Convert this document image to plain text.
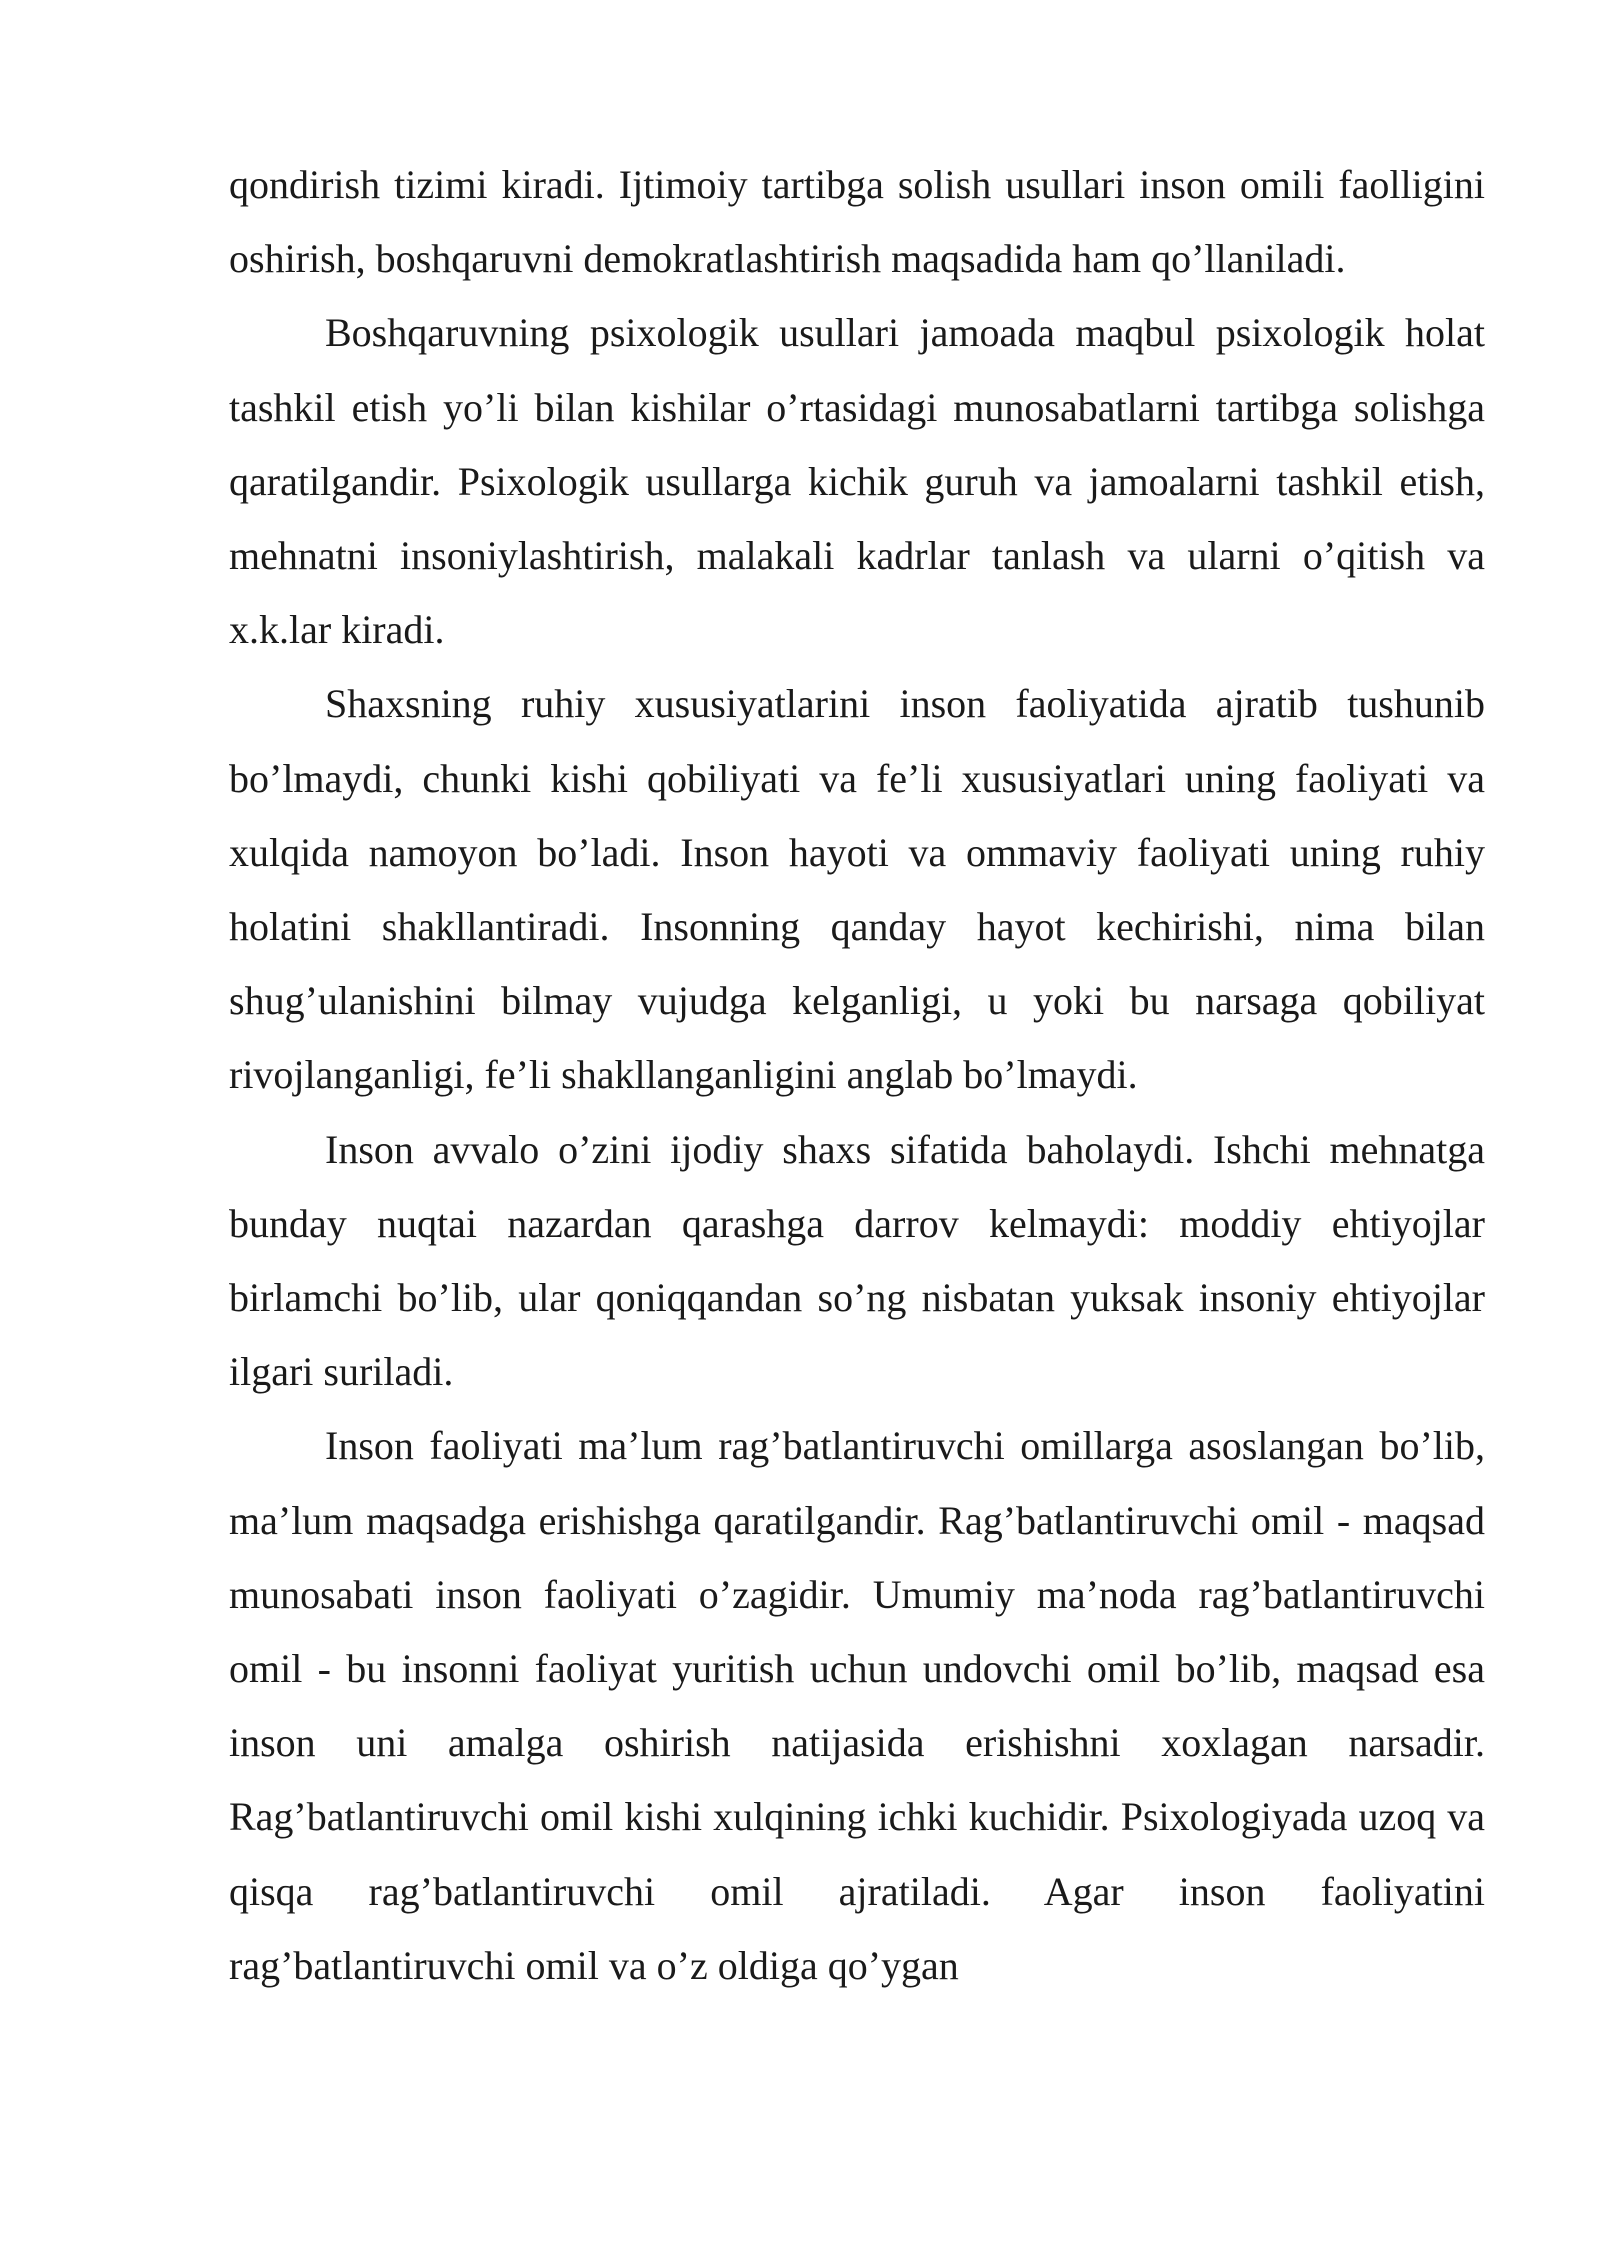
qondirish tizimi kiradi. Ijtimoiy tartibga solish usullari inson omili faolligini oshirish, boshqaruvni demokratlashtirish maqsadida ham qo’llaniladi.

Boshqaruvning psixologik usullari jamoada maqbul psixologik holat tashkil etish yo’li bilan kishilar o’rtasidagi munosabatlarni tartibga solishga qaratilgandir. Psixologik usullarga kichik guruh va jamoalarni tashkil etish, mehnatni insoniylashtirish, malakali kadrlar tanlash va ularni o’qitish va x.k.lar kiradi.

Shaxsning ruhiy xususiyatlarini inson faoliyatida ajratib tushunib bo’lmaydi, chunki kishi qobiliyati va fe’li xususiyatlari uning faoliyati va xulqida namoyon bo’ladi. Inson hayoti va ommaviy faoliyati uning ruhiy holatini shakllantiradi. Insonning qanday hayot kechirishi, nima bilan shug’ulanishini bilmay vujudga kelganligi, u yoki bu narsaga qobiliyat rivojlanganligi, fe’li shakllanganligini anglab bo’lmaydi.

Inson avvalo o’zini ijodiy shaxs sifatida baholaydi. Ishchi mehnatga bunday nuqtai nazardan qarashga darrov kelmaydi: moddiy ehtiyojlar birlamchi bo’lib, ular qoniqqandan so’ng nisbatan yuksak insoniy ehtiyojlar ilgari suriladi.

Inson faoliyati ma’lum rag’batlantiruvchi omillarga asoslangan bo’lib, ma’lum maqsadga erishishga qaratilgandir. Rag’batlantiruvchi omil - maqsad munosabati inson faoliyati o’zagidir. Umumiy ma’noda rag’batlantiruvchi omil - bu insonni faoliyat yuritish uchun undovchi omil bo’lib, maqsad esa inson uni amalga oshirish natijasida erishishni xoxlagan narsadir. Rag’batlantiruvchi omil kishi xulqining ichki kuchidir. Psixologiyada uzoq va qisqa rag’batlantiruvchi omil ajratiladi. Agar inson faoliyatini rag’batlantiruvchi omil va o’z oldiga qo’ygan
